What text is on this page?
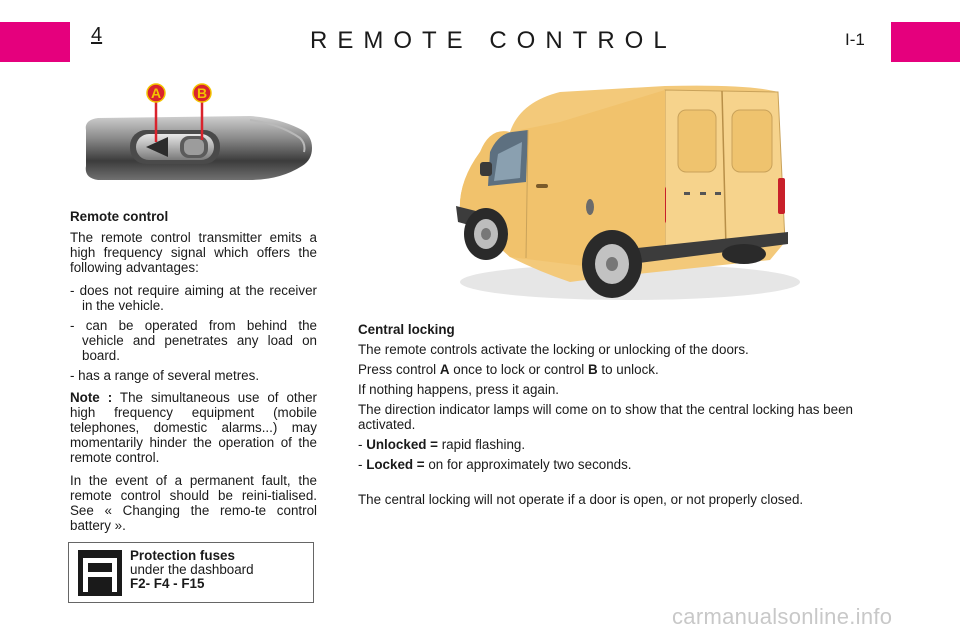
4	REMOTE CONTROL	I-1
A	B

Remote control

The remote control transmitter emits a high frequency signal which offers the following advantages:

- does not require aiming at the receiver in the vehicle.
- can be operated from behind the vehicle and penetrates any load on board.
- has a range of several metres.

Note : The simultaneous use of other high frequency equipment (mobile telephones, domestic alarms...) may momentarily hinder the operation of the remote control.

In the event of a permanent fault, the remote control should be reini-tialised. See « Changing the remo-te control battery ».

Protection fuses
under the dashboard
F2- F4 - F15

Central locking

The remote controls activate the locking or unlocking of the doors.

Press control A once to lock or control B to unlock.

If nothing happens, press it again.

The direction indicator lamps will come on to show that the central locking has been activated.

- Unlocked = rapid flashing.
- Locked = on for approximately two seconds.

The central locking will not operate if a door is open, or not properly closed.

carmanualsonline.info
